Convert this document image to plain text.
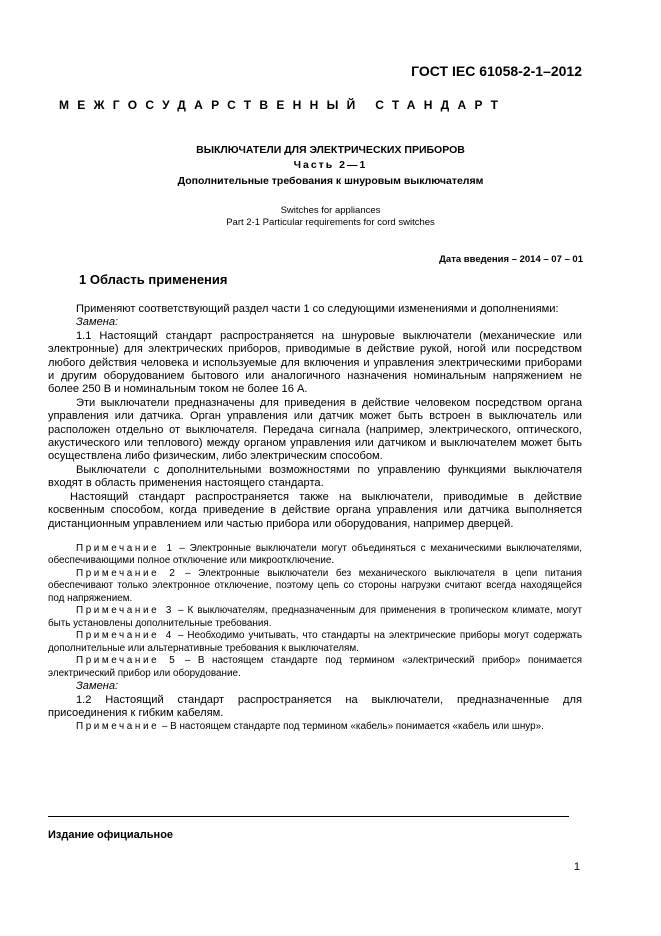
ГОСТ IEC 61058-2-1–2012
МЕЖГОСУДАРСТВЕННЫЙ СТАНДАРТ
ВЫКЛЮЧАТЕЛИ ДЛЯ ЭЛЕКТРИЧЕСКИХ ПРИБОРОВ
Часть 2—1
Дополнительные требования к шнуровым выключателям
Switches for appliances
Part 2-1 Particular requirements for cord switches
Дата введения – 2014 – 07 – 01
1 Область применения

Применяют соответствующий раздел части 1 со следующими изменениями и дополнениями:

Замена:

1.1 Настоящий стандарт распространяется на шнуровые выключатели (механические или электронные) для электрических приборов, приводимые в действие рукой, ногой или посредством любого действия человека и используемые для включения и управления электрическими приборами и другим оборудованием бытового или аналогичного назначения номинальным напряжением не более 250 В и номинальным током не более 16 А.

Эти выключатели предназначены для приведения в действие человеком посредством органа управления или датчика. Орган управления или датчик может быть встроен в выключатель или расположен отдельно от выключателя. Передача сигнала (например, электрического, оптического, акустического или теплового) между органом управления или датчиком и выключателем может быть осуществлена либо физическим, либо электрическим способом.

Выключатели с дополнительными возможностями по управлению функциями выключателя входят в область применения настоящего стандарта.

Настоящий стандарт распространяется также на выключатели, приводимые в действие косвенным способом, когда приведение в действие органа управления или датчика выполняется дистанционным управлением или частью прибора или оборудования, например дверцей.

Примечание 1 – Электронные выключатели могут объединяться с механическими выключателями, обеспечивающими полное отключение или микроотключение.

Примечание 2 – Электронные выключатели без механического выключателя в цепи питания обеспечивают только электронное отключение, поэтому цепь со стороны нагрузки считают всегда находящейся под напряжением.

Примечание 3 – К выключателям, предназначенным для применения в тропическом климате, могут быть установлены дополнительные требования.

Примечание 4 – Необходимо учитывать, что стандарты на электрические приборы могут содержать дополнительные или альтернативные требования к выключателям.

Примечание 5 – В настоящем стандарте под термином «электрический прибор» понимается электрический прибор или оборудование.

Замена:

1.2 Настоящий стандарт распространяется на выключатели, предназначенные для присоединения к гибким кабелям.

Примечание – В настоящем стандарте под термином «кабель» понимается «кабель или шнур».

Издание официальное
1
